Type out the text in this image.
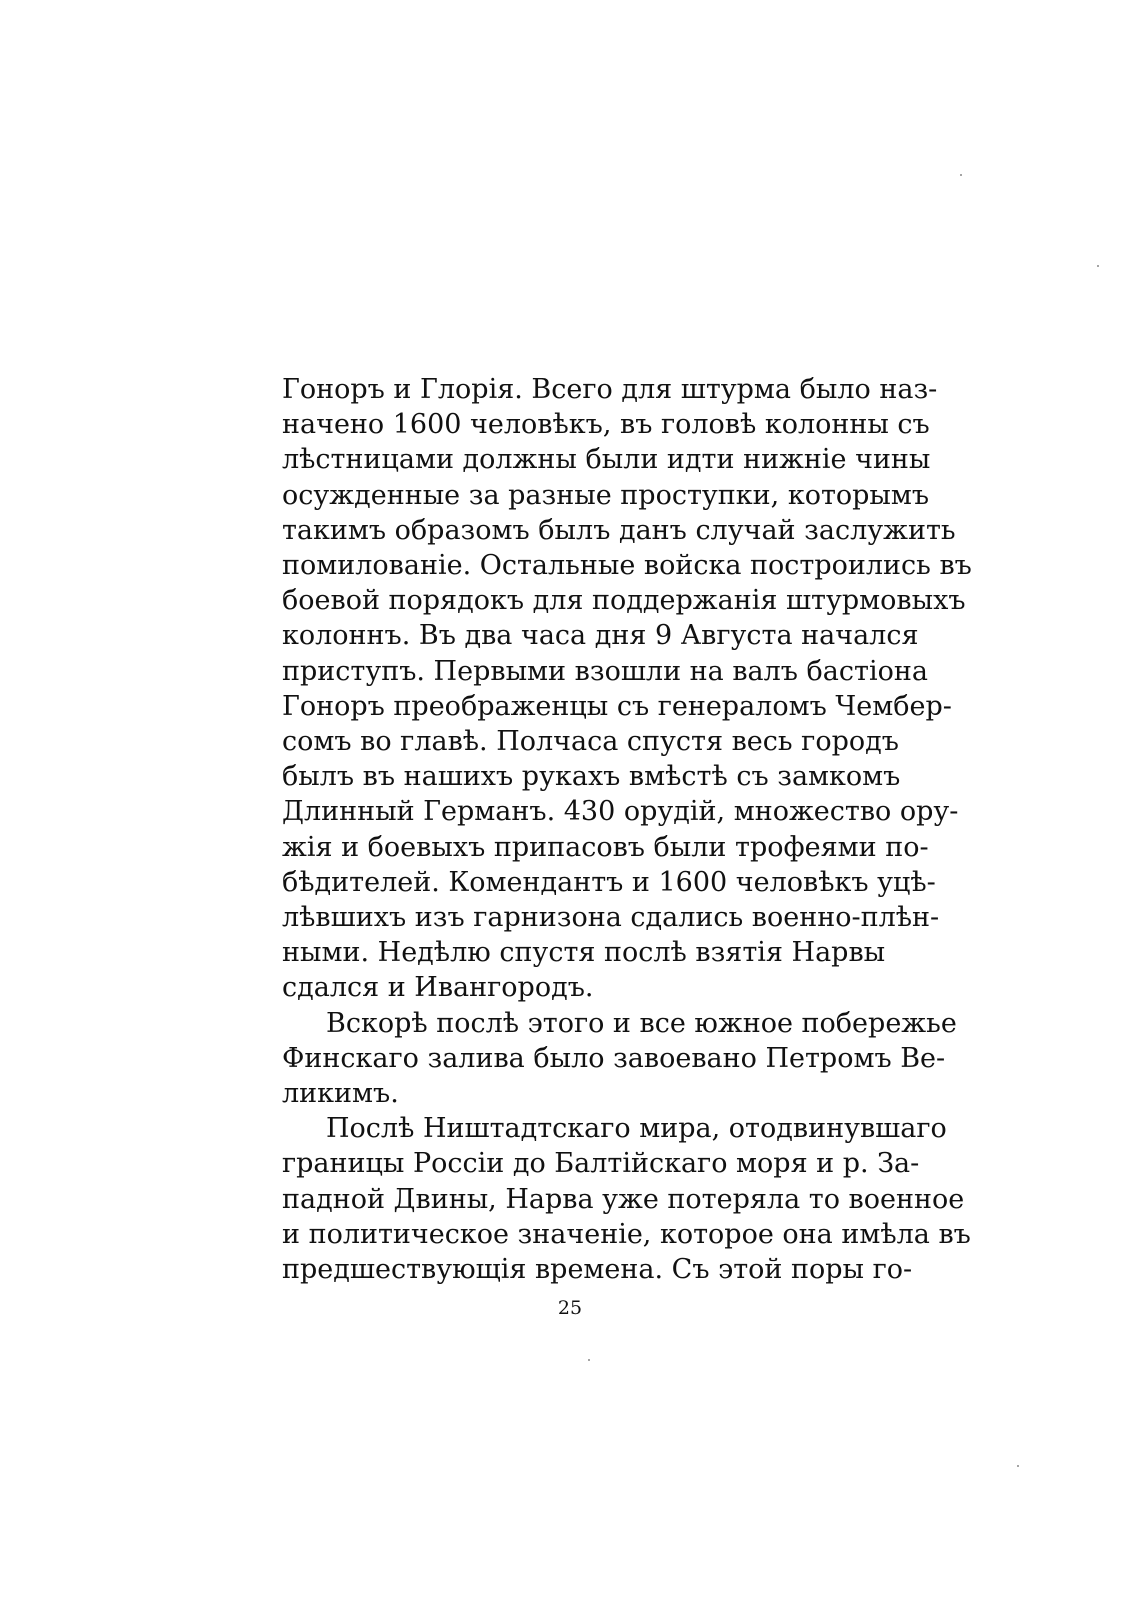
Гоноръ и Глорія. Всего для штурма было наз-
начено 1600 человѣкъ, въ головѣ колонны съ
лѣстницами должны были идти нижніе чины
осужденные за разные проступки, которымъ
такимъ образомъ былъ данъ случай заслужить
помилованіе. Остальные войска построились въ
боевой порядокъ для поддержанія штурмовыхъ
колоннъ. Въ два часа дня 9 Августа начался
приступъ. Первыми взошли на валъ бастіона
Гоноръ преображенцы съ генераломъ Чембер-
сомъ во главѣ. Полчаса спустя весь городъ
былъ въ нашихъ рукахъ вмѣстѣ съ замкомъ
Длинный Германъ. 430 орудій, множество ору-
жія и боевыхъ припасовъ были трофеями по-
бѣдителей. Комендантъ и 1600 человѣкъ уцѣ-
лѣвшихъ изъ гарнизона сдались военно-плѣн-
ными. Недѣлю спустя послѣ взятія Нарвы
сдался и Ивангородъ.

Вскорѣ послѣ этого и все южное побережье
Финскаго залива было завоевано Петромъ Ве-
ликимъ.

Послѣ Ништадтскаго мира, отодвинувшаго
границы Россіи до Балтійскаго моря и р. За-
падной Двины, Нарва уже потеряла то военное
и политическое значеніе, которое она имѣла въ
предшествующія времена. Съ этой поры го-

25
